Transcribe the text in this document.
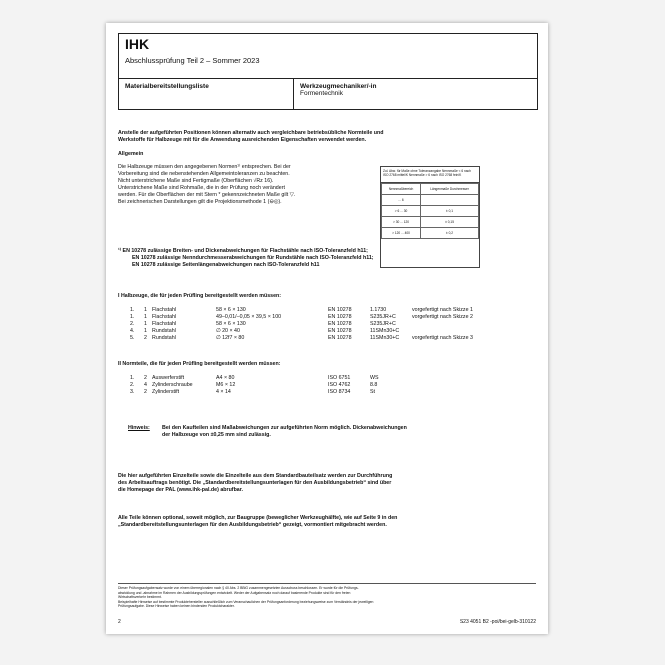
IHK
Abschlussprüfung Teil 2 – Sommer 2023
Materialbereitstellungsliste	Werkzeugmechaniker/-in
Formentechnik
Anstelle der aufgeführten Positionen können alternativ auch vergleichbare betriebsübliche Normteile und
Werkstoffe für Halbzeuge mit für die Anwendung ausreichenden Eigenschaften verwendet werden.
Allgemein
Die Halbzeuge müssen den angegebenen Normen¹⁾ entsprechen. Bei der
Vorbereitung sind die nebenstehenden Allgemeintoleranzen zu beachten.
Nicht unterstrichene Maße sind Fertigmaße (Oberflächen √Rz 16).
Unterstrichene Maße sind Rohmaße, die in der Prüfung noch verändert
werden. Für die Oberflächen der mit Stern * gekennzeichneten Maße gilt ▽.
Bei zeichnerischen Darstellungen gilt die Projektionsmethode 1 (⊖◎).
Zul. Abw. für Maße ohne Toleranzangabe Nennmaße < 6 nach ISO 2768 mittel/K Nennmaße > 6 nach ISO 2768 fein/K
Nennmaßbereich	Längenmaße Durchmesser
... 6	
> 6 ... 30	± 0,1
> 30 ... 120	± 0,15
> 120 ... 400	± 0,2
¹⁾ EN 10278 zulässige Breiten- und Dickenabweichungen für Flachstähle nach ISO-Toleranzfeld h11;
EN 10278 zulässige Nenndurchmesserabweichungen für Rundstähle nach ISO-Toleranzfeld h11;
EN 10278 zulässige Seitenlängenabweichungen nach ISO-Toleranzfeld h11
I Halbzeuge, die für jeden Prüfling bereitgestellt werden müssen:
1.	1 Flachstahl	58 × 6 × 130	EN 10278	1.1730	vorgefertigt nach Skizze 1
1.	1 Flachstahl	49–0,01/–0,05 × 39,5 × 100	EN 10278	S235JR+C	vorgefertigt nach Skizze 2
2.	1 Flachstahl	58 × 6 × 130	EN 10278	S235JR+C
4.	1 Rundstahl	∅ 20 × 40	EN 10278	11SMn30+C
5.	2 Rundstahl	∅ 12f7 × 80	EN 10278	11SMn30+C	vorgefertigt nach Skizze 3
II Normteile, die für jeden Prüfling bereitgestellt werden müssen:
1.	2 Auswerferstift	A4 × 80	ISO 6751	WS
2.	4 Zylinderschraube	M6 × 12	ISO 4762	8.8
3.	2 Zylinderstift	4 × 14	ISO 8734	St
Hinweis:	Bei den Kaufteilen sind Maßabweichungen zur aufgeführten Norm möglich. Dickenabweichungen
der Halbzeuge von ±0,25 mm sind zulässig.
Die hier aufgeführten Einzelteile sowie die Einzelteile aus dem Standardbauteilsatz werden zur Durchführung
des Arbeitsauftrags benötigt. Die „Standardbereitstellungsunterlagen für den Ausbildungsbetrieb“ sind über
die Homepage der PAL (www.ihk-pal.de) abrufbar.
Alle Teile können optional, soweit möglich, zur Baugruppe (beweglicher Werkzeughälfte), wie auf Seite 9 in den
„Standardbereitstellungsunterlagen für den Ausbildungsbetrieb“ gezeigt, vormontiert mitgebracht werden.
Dieser Prüfungsaufgabensatz wurde von einem überregionalen nach § 40 Abs. 2 BBiG zusammengesetzten Ausschuss beschlossen. Er wurde für die Prüfungs-
abwicklung und -abnahme im Rahmen der Ausbildungsprüfungen entwickelt. Weder der Aufgabensatz noch darauf basierende Produkte sind für den freien
Wirtschaftsverkehr bestimmt.
Beispielhafte Hinweise auf bestimmte Produktehersteller ausschließlich zum Veranschaulichen der Prüfungsanforderung beziehungsweise zum Verständnis der jeweiligen
Prüfungsaufgabe. Diese Hinweise haben keinen bindenden Produktcharakter.
2	S23 4051 B2 -poi/bei-gelb-310122
